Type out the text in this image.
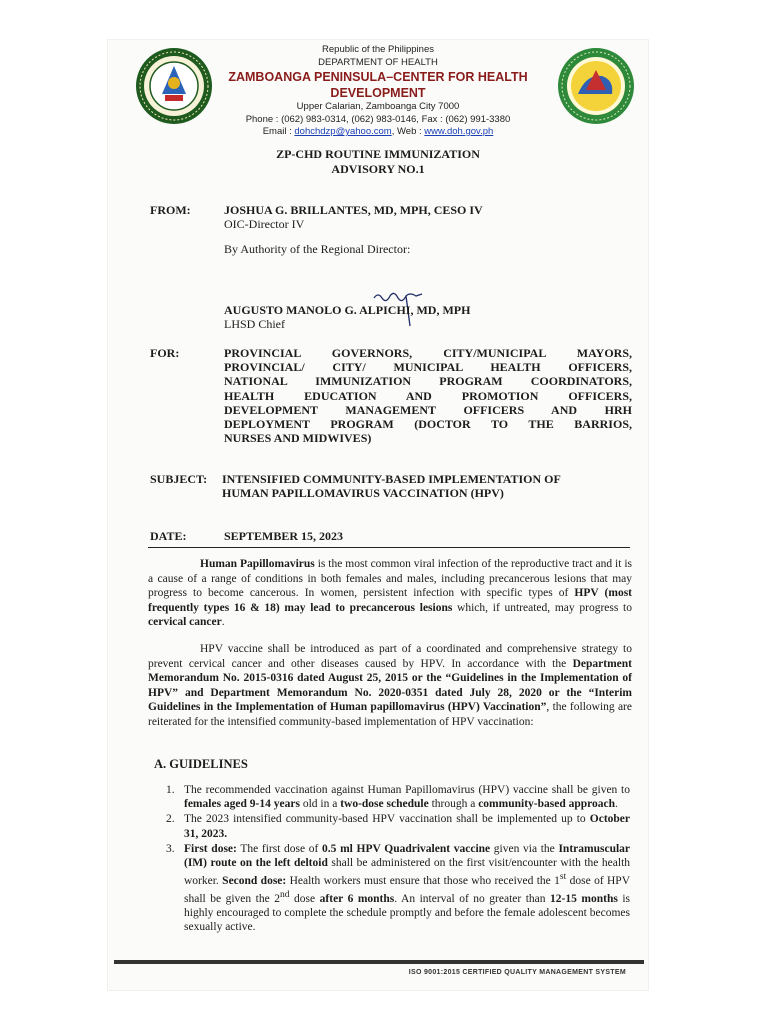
Republic of the Philippines
DEPARTMENT OF HEALTH
ZAMBOANGA PENINSULA–CENTER FOR HEALTH DEVELOPMENT
Upper Calarian, Zamboanga City 7000
Phone : (062) 983-0314, (062) 983-0146, Fax : (062) 991-3380
Email : dohchdzp@yahoo.com, Web : www.doh.gov.ph
ZP-CHD ROUTINE IMMUNIZATION
ADVISORY NO.1
FROM:	JOSHUA G. BRILLANTES, MD, MPH, CESO IV
OIC-Director IV
By Authority of the Regional Director:
AUGUSTO MANOLO G. ALPICHI, MD, MPH
LHSD Chief
FOR:	PROVINCIAL GOVERNORS, CITY/MUNICIPAL MAYORS,
PROVINCIAL/ CITY/ MUNICIPAL HEALTH OFFICERS,
NATIONAL IMMUNIZATION PROGRAM COORDINATORS,
HEALTH EDUCATION AND PROMOTION OFFICERS,
DEVELOPMENT MANAGEMENT OFFICERS AND HRH
DEPLOYMENT PROGRAM (DOCTOR TO THE BARRIOS,
NURSES AND MIDWIVES)
SUBJECT: INTENSIFIED COMMUNITY-BASED IMPLEMENTATION OF
HUMAN PAPILLOMAVIRUS VACCINATION (HPV)
DATE:	SEPTEMBER 15, 2023
Human Papillomavirus is the most common viral infection of the reproductive tract and it is a cause of a range of conditions in both females and males, including precancerous lesions that may progress to become cancerous. In women, persistent infection with specific types of HPV (most frequently types 16 & 18) may lead to precancerous lesions which, if untreated, may progress to cervical cancer.
HPV vaccine shall be introduced as part of a coordinated and comprehensive strategy to prevent cervical cancer and other diseases caused by HPV. In accordance with the Department Memorandum No. 2015-0316 dated August 25, 2015 or the “Guidelines in the Implementation of HPV” and Department Memorandum No. 2020-0351 dated July 28, 2020 or the “Interim Guidelines in the Implementation of Human papillomavirus (HPV) Vaccination”, the following are reiterated for the intensified community-based implementation of HPV vaccination:
A. GUIDELINES
1. The recommended vaccination against Human Papillomavirus (HPV) vaccine shall be given to females aged 9-14 years old in a two-dose schedule through a community-based approach.
2. The 2023 intensified community-based HPV vaccination shall be implemented up to October 31, 2023.
3. First dose: The first dose of 0.5 ml HPV Quadrivalent vaccine given via the Intramuscular (IM) route on the left deltoid shall be administered on the first visit/encounter with the health worker. Second dose: Health workers must ensure that those who received the 1st dose of HPV shall be given the 2nd dose after 6 months. An interval of no greater than 12-15 months is highly encouraged to complete the schedule promptly and before the female adolescent becomes sexually active.
ISO 9001:2015 CERTIFIED QUALITY MANAGEMENT SYSTEM
